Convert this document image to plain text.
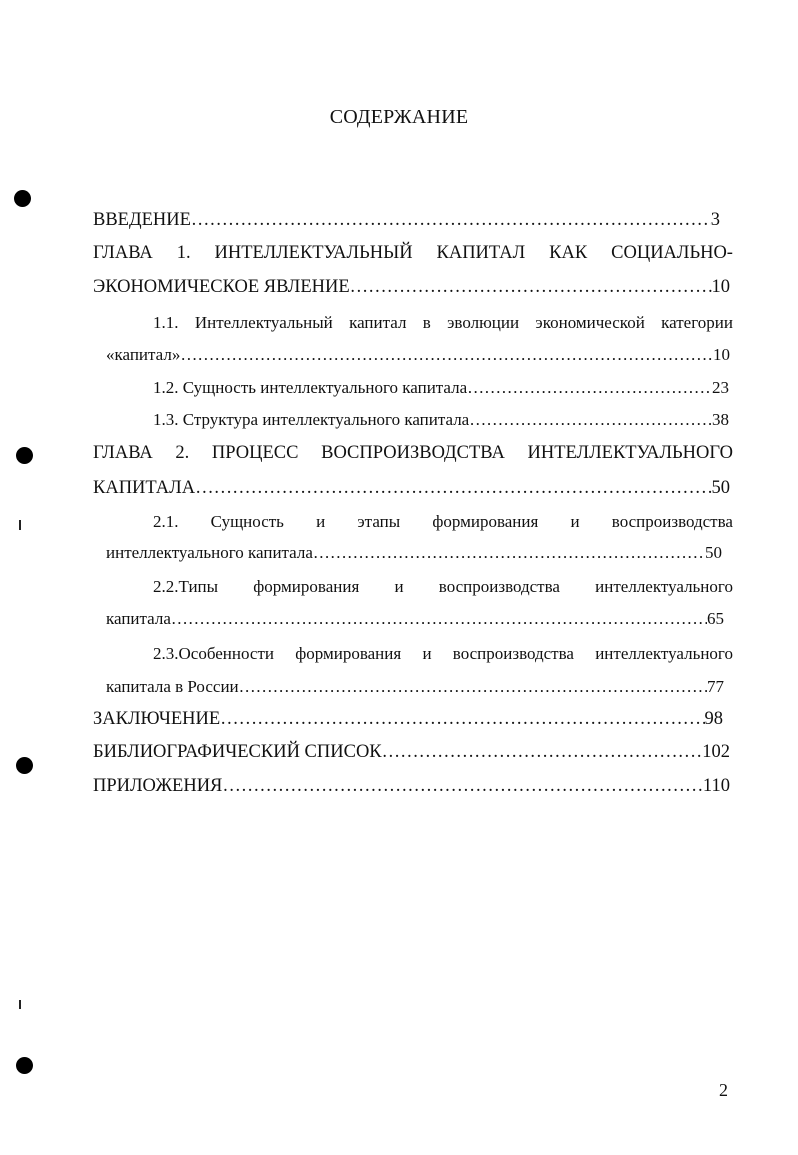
СОДЕРЖАНИЕ
ВВЕДЕНИЕ …………………………………………………………………………………………………………………………………………………………………………………………………………	3
ГЛАВА 1. ИНТЕЛЛЕКТУАЛЬНЫЙ КАПИТАЛ КАК СОЦИАЛЬНО-
ЭКОНОМИЧЕСКОЕ ЯВЛЕНИЕ …………………………………………………………………………………………………………………………………………………………………………………………………………	10
1.1. Интеллектуальный капитал в эволюции экономической категории
«капитал» …………………………………………………………………………………………………………………………………………………………………………………………………………	10
1.2. Сущность интеллектуального капитала …………………………………………………………………………………………………………………………………………………………………………………………………………	23
1.3. Структура интеллектуального капитала …………………………………………………………………………………………………………………………………………………………………………………………………………	38
ГЛАВА 2. ПРОЦЕСС ВОСПРОИЗВОДСТВА ИНТЕЛЛЕКТУАЛЬНОГО
КАПИТАЛА …………………………………………………………………………………………………………………………………………………………………………………………………………	50
2.1. Сущность и этапы формирования и воспроизводства
интеллектуального капитала …………………………………………………………………………………………………………………………………………………………………………………………………………	50
2.2.Типы формирования и воспроизводства интеллектуального
капитала …………………………………………………………………………………………………………………………………………………………………………………………………………	65
2.3.Особенности формирования и воспроизводства интеллектуального
капитала в России …………………………………………………………………………………………………………………………………………………………………………………………………………	77
ЗАКЛЮЧЕНИЕ …………………………………………………………………………………………………………………………………………………………………………………………………………	98
БИБЛИОГРАФИЧЕСКИЙ СПИСОК …………………………………………………………………………………………………………………………………………………………………………………………………………	102
ПРИЛОЖЕНИЯ …………………………………………………………………………………………………………………………………………………………………………………………………………	110
2
